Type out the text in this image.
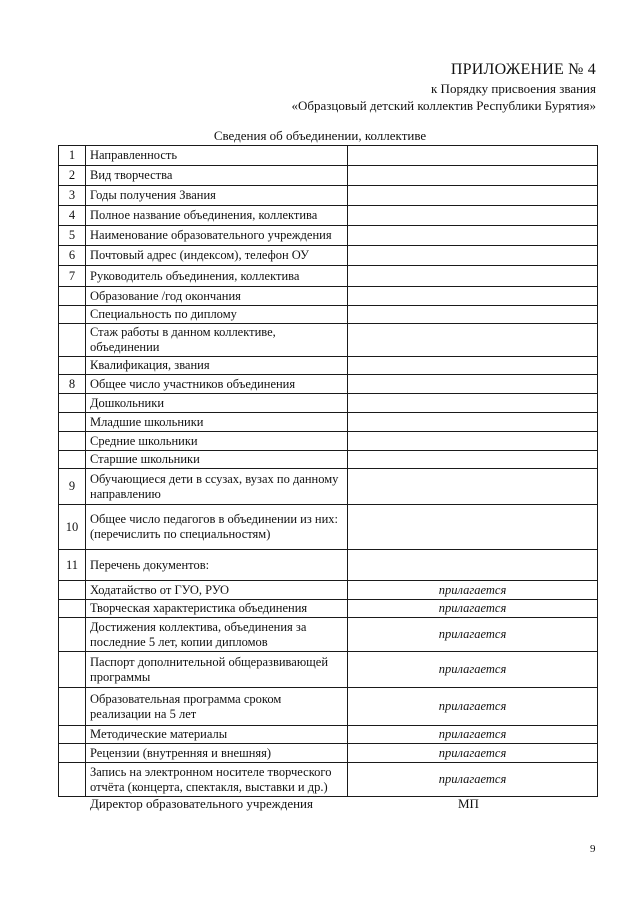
ПРИЛОЖЕНИЕ № 4
к Порядку присвоения звания
«Образцовый детский коллектив Республики Бурятия»
Сведения об объединении, коллективе
1	Направленность	
2	Вид творчества	
3	Годы получения Звания	
4	Полное название объединения, коллектива	
5	Наименование образовательного учреждения	
6	Почтовый адрес (индексом), телефон ОУ	
7	Руководитель объединения, коллектива	
	Образование /год окончания	
	Специальность по диплому	
	Стаж работы в данном коллективе, объединении	
	Квалификация, звания	
8	Общее число участников объединения	
	Дошкольники	
	Младшие школьники	
	Средние школьники	
	Старшие школьники	
9	Обучающиеся дети в ссузах, вузах по данному направлению	
10	Общее число педагогов в объединении из них: (перечислить по специальностям)	
11	Перечень документов:	
	Ходатайство от ГУО, РУО	прилагается
	Творческая характеристика объединения	прилагается
	Достижения коллектива, объединения за последние 5 лет, копии дипломов	прилагается
	Паспорт дополнительной общеразвивающей программы	прилагается
	Образовательная программа сроком реализации на 5 лет	прилагается
	Методические материалы	прилагается
	Рецензии (внутренняя и внешняя)	прилагается
	Запись на электронном носителе творческого отчёта (концерта, спектакля, выставки и др.)	прилагается
Директор образовательного учреждения	МП
9
